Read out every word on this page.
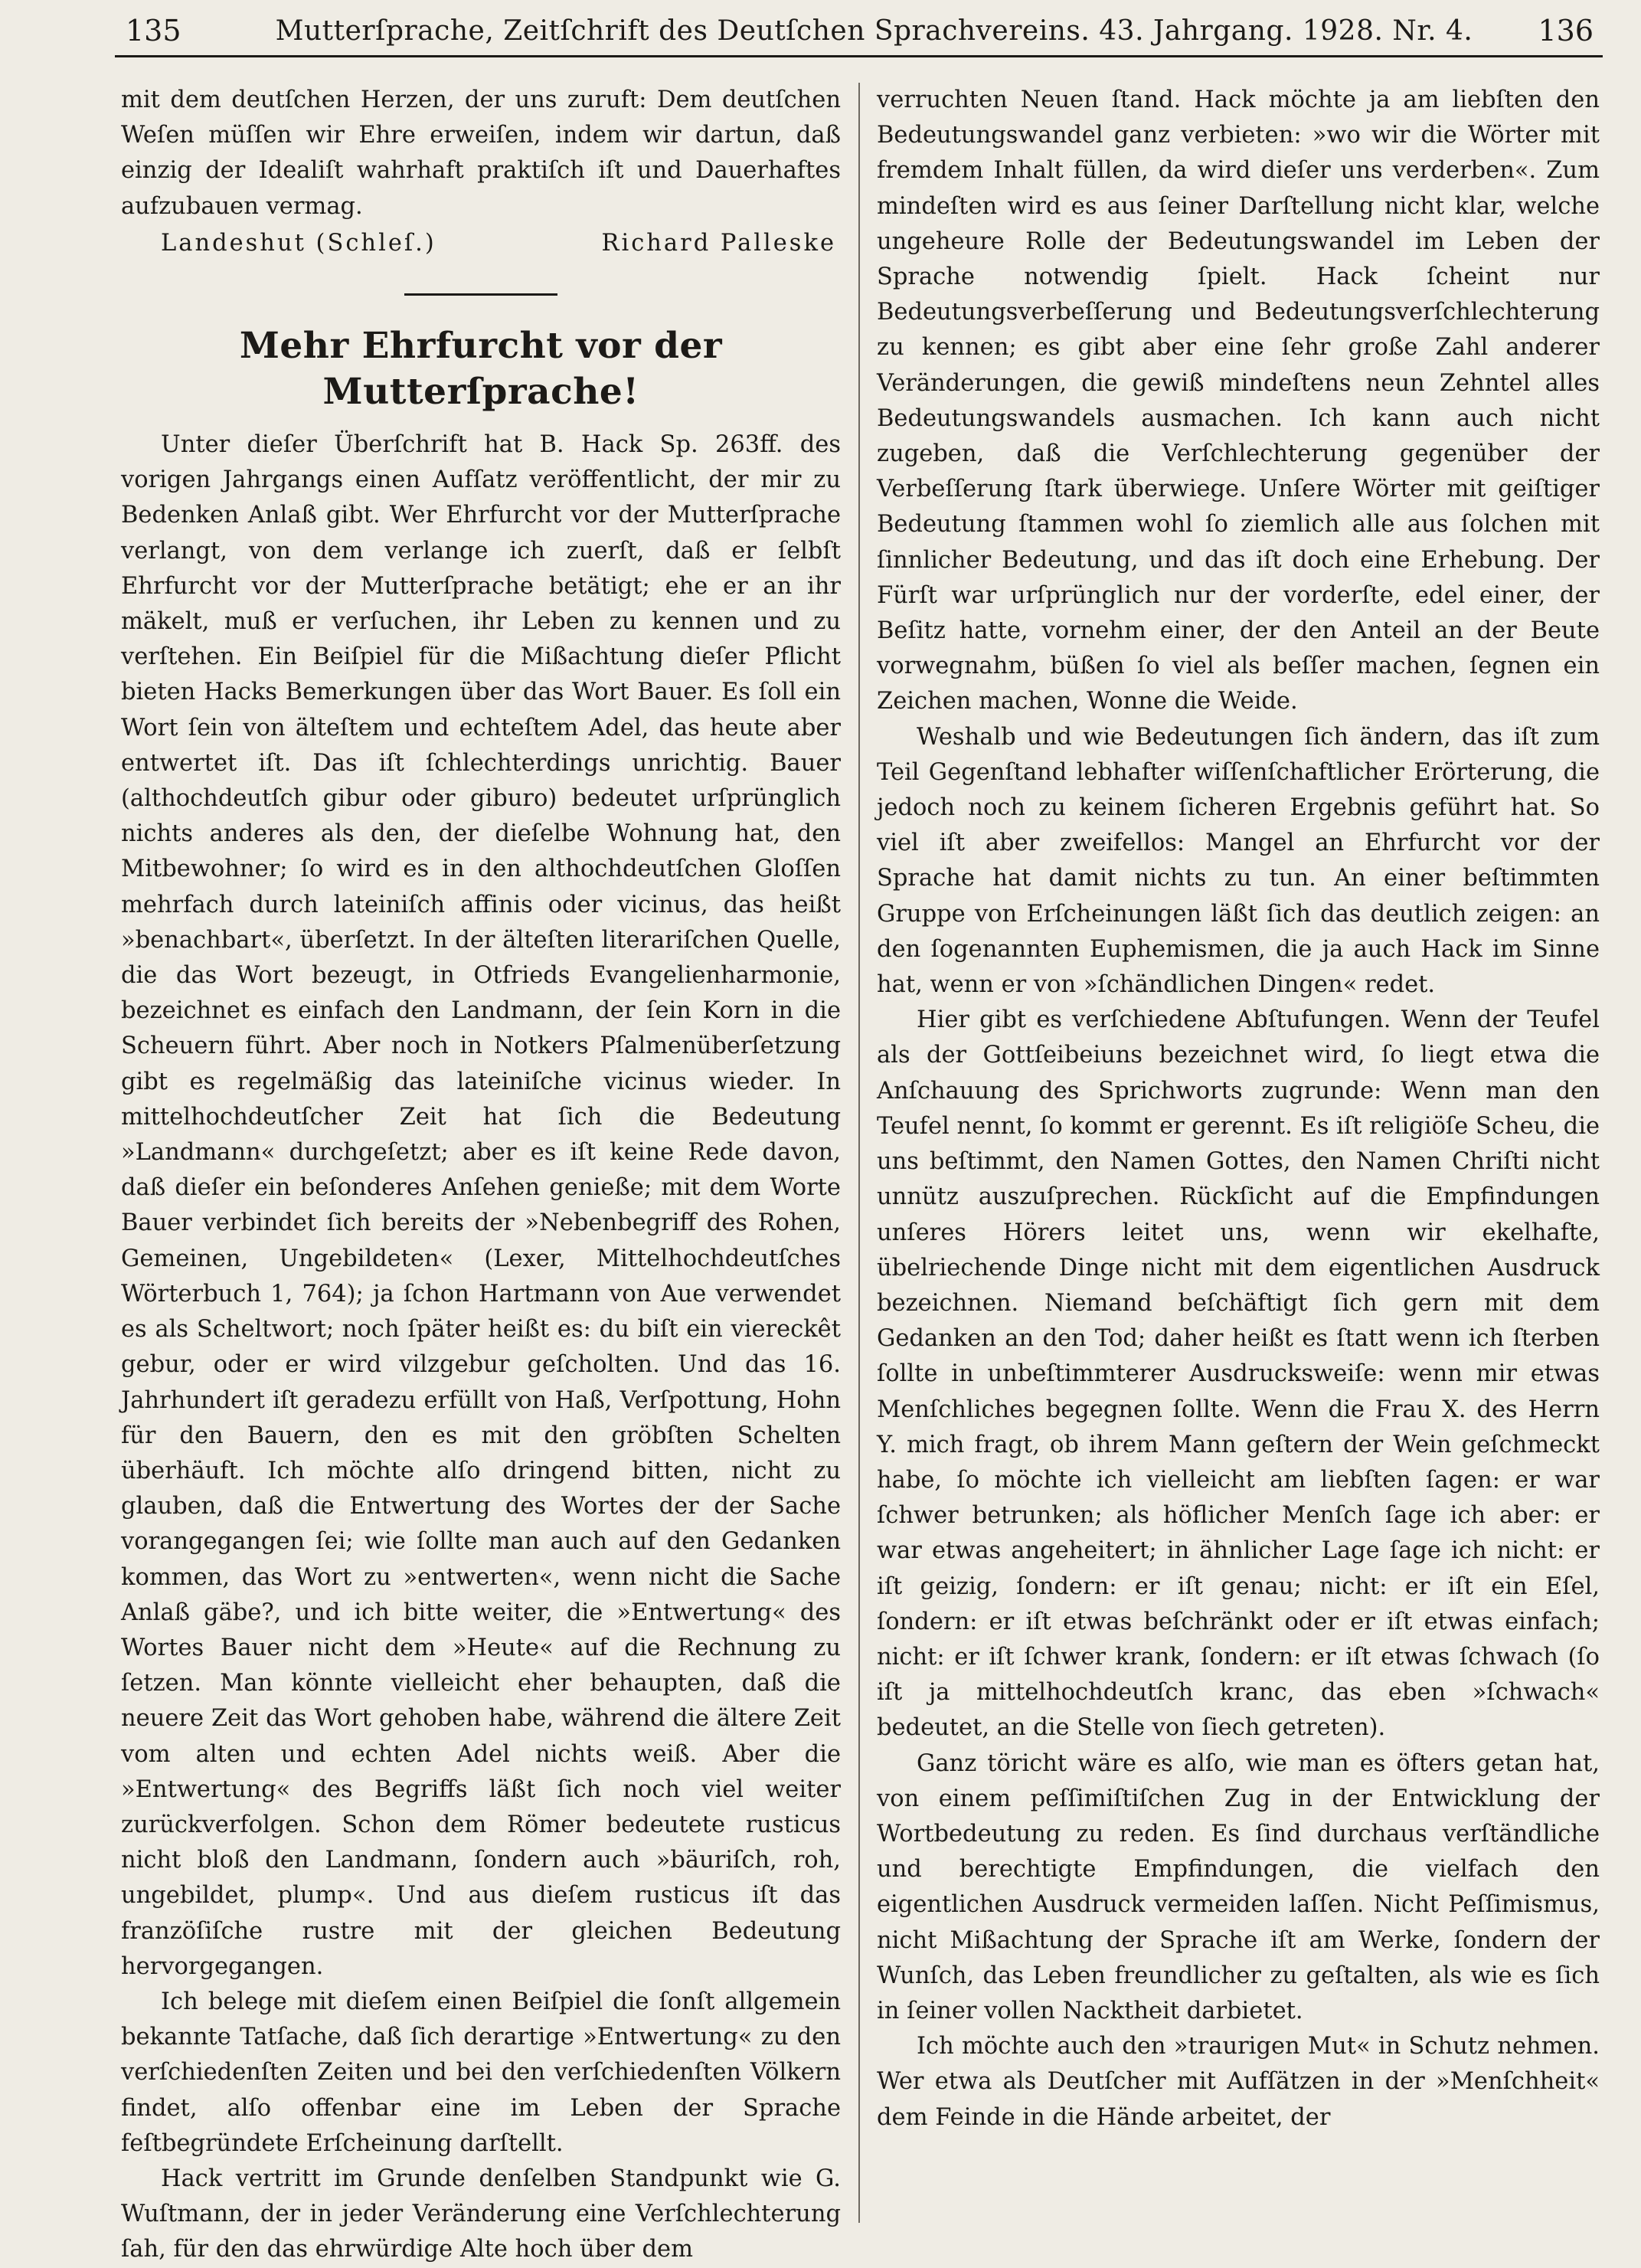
135	Mutterſprache, Zeitſchrift des Deutſchen Sprachvereins. 43. Jahrgang. 1928. Nr. 4.	136

mit dem deutſchen Herzen, der uns zuruft: Dem deutſchen Weſen müſſen wir Ehre erweiſen, indem wir dartun, daß einzig der Idealiſt wahrhaft praktiſch iſt und Dauerhaftes aufzubauen vermag.

Landeshut (Schleſ.)	Richard Palleske
Mehr Ehrfurcht vor der Mutterſprache!

Unter dieſer Überſchrift hat B. Hack Sp. 263ff. des vorigen Jahrgangs einen Aufſatz veröffentlicht, der mir zu Bedenken Anlaß gibt. Wer Ehrfurcht vor der Mutterſprache verlangt, von dem verlange ich zuerſt, daß er ſelbſt Ehrfurcht vor der Mutterſprache betätigt; ehe er an ihr mäkelt, muß er verſuchen, ihr Leben zu kennen und zu verſtehen. Ein Beiſpiel für die Mißachtung dieſer Pflicht bieten Hacks Bemerkungen über das Wort Bauer. Es ſoll ein Wort ſein von älteſtem und echteſtem Adel, das heute aber entwertet iſt. Das iſt ſchlechterdings unrichtig. Bauer (althochdeutſch gibur oder giburo) bedeutet urſprünglich nichts anderes als den, der dieſelbe Wohnung hat, den Mitbewohner; ſo wird es in den althochdeutſchen Gloſſen mehrfach durch lateiniſch affinis oder vicinus, das heißt »benachbart«, überſetzt. In der älteſten literariſchen Quelle, die das Wort bezeugt, in Otfrieds Evangelienharmonie, bezeichnet es einfach den Landmann, der ſein Korn in die Scheuern führt. Aber noch in Notkers Pſalmenüberſetzung gibt es regelmäßig das lateiniſche vicinus wieder. In mittelhochdeutſcher Zeit hat ſich die Bedeutung »Landmann« durchgeſetzt; aber es iſt keine Rede davon, daß dieſer ein beſonderes Anſehen genieße; mit dem Worte Bauer verbindet ſich bereits der »Nebenbegriff des Rohen, Gemeinen, Ungebildeten« (Lexer, Mittelhochdeutſches Wörterbuch 1, 764); ja ſchon Hartmann von Aue verwendet es als Scheltwort; noch ſpäter heißt es: du biſt ein viereckêt gebur, oder er wird vilzgebur geſcholten. Und das 16. Jahrhundert iſt geradezu erfüllt von Haß, Verſpottung, Hohn für den Bauern, den es mit den gröbſten Schelten überhäuft. Ich möchte alſo dringend bitten, nicht zu glauben, daß die Entwertung des Wortes der der Sache vorangegangen ſei; wie ſollte man auch auf den Gedanken kommen, das Wort zu »entwerten«, wenn nicht die Sache Anlaß gäbe?, und ich bitte weiter, die »Entwertung« des Wortes Bauer nicht dem »Heute« auf die Rechnung zu ſetzen. Man könnte vielleicht eher behaupten, daß die neuere Zeit das Wort gehoben habe, während die ältere Zeit vom alten und echten Adel nichts weiß. Aber die »Entwertung« des Begriffs läßt ſich noch viel weiter zurückverfolgen. Schon dem Römer bedeutete rusticus nicht bloß den Landmann, ſondern auch »bäuriſch, roh, ungebildet, plump«. Und aus dieſem rusticus iſt das franzöſiſche rustre mit der gleichen Bedeutung hervorgegangen.

Ich belege mit dieſem einen Beiſpiel die ſonſt allgemein bekannte Tatſache, daß ſich derartige »Entwertung« zu den verſchiedenſten Zeiten und bei den verſchiedenſten Völkern findet, alſo offenbar eine im Leben der Sprache feſtbegründete Erſcheinung darſtellt.

Hack vertritt im Grunde denſelben Standpunkt wie G. Wuſtmann, der in jeder Veränderung eine Verſchlechterung ſah, für den das ehrwürdige Alte hoch über dem

verruchten Neuen ſtand. Hack möchte ja am liebſten den Bedeutungswandel ganz verbieten: »wo wir die Wörter mit fremdem Inhalt füllen, da wird dieſer uns verderben«. Zum mindeſten wird es aus ſeiner Darſtellung nicht klar, welche ungeheure Rolle der Bedeutungswandel im Leben der Sprache notwendig ſpielt. Hack ſcheint nur Bedeutungsverbeſſerung und Bedeutungsverſchlechterung zu kennen; es gibt aber eine ſehr große Zahl anderer Veränderungen, die gewiß mindeſtens neun Zehntel alles Bedeutungswandels ausmachen. Ich kann auch nicht zugeben, daß die Verſchlechterung gegenüber der Verbeſſerung ſtark überwiege. Unſere Wörter mit geiſtiger Bedeutung ſtammen wohl ſo ziemlich alle aus ſolchen mit ſinnlicher Bedeutung, und das iſt doch eine Erhebung. Der Fürſt war urſprünglich nur der vorderſte, edel einer, der Beſitz hatte, vornehm einer, der den Anteil an der Beute vorwegnahm, büßen ſo viel als beſſer machen, ſegnen ein Zeichen machen, Wonne die Weide.

Weshalb und wie Bedeutungen ſich ändern, das iſt zum Teil Gegenſtand lebhafter wiſſenſchaftlicher Erörterung, die jedoch noch zu keinem ſicheren Ergebnis geführt hat. So viel iſt aber zweifellos: Mangel an Ehrfurcht vor der Sprache hat damit nichts zu tun. An einer beſtimmten Gruppe von Erſcheinungen läßt ſich das deutlich zeigen: an den ſogenannten Euphemismen, die ja auch Hack im Sinne hat, wenn er von »ſchändlichen Dingen« redet.

Hier gibt es verſchiedene Abſtufungen. Wenn der Teufel als der Gottſeibeiuns bezeichnet wird, ſo liegt etwa die Anſchauung des Sprichworts zugrunde: Wenn man den Teufel nennt, ſo kommt er gerennt. Es iſt religiöſe Scheu, die uns beſtimmt, den Namen Gottes, den Namen Chriſti nicht unnütz auszuſprechen. Rückſicht auf die Empfindungen unſeres Hörers leitet uns, wenn wir ekelhafte, übelriechende Dinge nicht mit dem eigentlichen Ausdruck bezeichnen. Niemand beſchäftigt ſich gern mit dem Gedanken an den Tod; daher heißt es ſtatt wenn ich ſterben ſollte in unbeſtimmterer Ausdrucksweiſe: wenn mir etwas Menſchliches begegnen ſollte. Wenn die Frau X. des Herrn Y. mich fragt, ob ihrem Mann geſtern der Wein geſchmeckt habe, ſo möchte ich vielleicht am liebſten ſagen: er war ſchwer betrunken; als höflicher Menſch ſage ich aber: er war etwas angeheitert; in ähnlicher Lage ſage ich nicht: er iſt geizig, ſondern: er iſt genau; nicht: er iſt ein Eſel, ſondern: er iſt etwas beſchränkt oder er iſt etwas einfach; nicht: er iſt ſchwer krank, ſondern: er iſt etwas ſchwach (ſo iſt ja mittelhochdeutſch kranc, das eben »ſchwach« bedeutet, an die Stelle von ſiech getreten).

Ganz töricht wäre es alſo, wie man es öfters getan hat, von einem peſſimiſtiſchen Zug in der Entwicklung der Wortbedeutung zu reden. Es ſind durchaus verſtändliche und berechtigte Empfindungen, die vielfach den eigentlichen Ausdruck vermeiden laſſen. Nicht Peſſimismus, nicht Mißachtung der Sprache iſt am Werke, ſondern der Wunſch, das Leben freundlicher zu geſtalten, als wie es ſich in ſeiner vollen Nacktheit darbietet.

Ich möchte auch den »traurigen Mut« in Schutz nehmen. Wer etwa als Deutſcher mit Aufſätzen in der »Menſchheit« dem Feinde in die Hände arbeitet, der
